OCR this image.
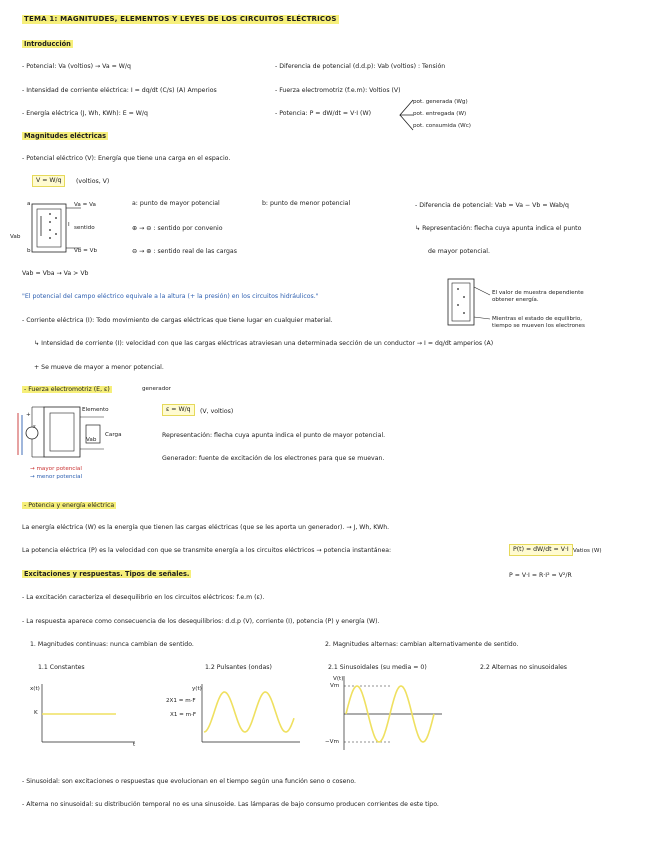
TEMA 1: MAGNITUDES, ELEMENTOS Y LEYES DE LOS CIRCUITOS ELÉCTRICOS
Introducción
- Potencial: Va (voltios) → Va = W/q	- Diferencia de potencial (d.d.p): Vab (voltios) : Tensión
- Intensidad de corriente eléctrica: I = dq/dt (C/s) (A) Amperios	- Fuerza electromotriz (f.e.m): Voltios (V)
- Energía eléctrica (J, Wh, KWh): E = W/q	- Potencia: P = dW/dt = V·I (W)
pot. generada (Wg)
pot. entregada (W)
pot. consumida (Wc)
Magnitudes eléctricas
- Potencial eléctrico (V): Energía que tiene una carga en el espacio.
V = W/q	(voltios, V)
a
b
Vab
I
Va = Va
sentido
Vb = Vb
a: punto de mayor potencial	b: punto de menor potencial
⊕ → ⊖ : sentido por convenio
⊖ → ⊕ : sentido real de las cargas
- Diferencia de potencial: Vab = Va − Vb = Wab/q
↳ Representación: flecha cuya apunta indica el punto
de mayor potencial.
Vab = Vba → Va > Vb
El valor de muestra dependiente
obtener energía.
Mientras el estado de equilibrio,
tiempo se mueven los electrones
"El potencial del campo eléctrico equivale a la altura (+ la presión) en los circuitos hidráulicos."
- Corriente eléctrica (I): Todo movimiento de cargas eléctricas que tiene lugar en cualquier material.
↳ Intensidad de corriente (I): velocidad con que las cargas eléctricas atraviesan una determinada sección de un conductor → I = dq/dt amperios (A)
+ Se mueve de mayor a menor potencial.
- Fuerza electromotriz (E, ε)	generador
ε
+
Vab
Elemento
Carga
→ mayor potencial
→ menor potencial
ε = W/q	(V, voltios)
Representación: flecha cuya apunta indica el punto de mayor potencial.
Generador: fuente de excitación de los electrones para que se muevan.
- Potencia y energía eléctrica
La energía eléctrica (W) es la energía que tienen las cargas eléctricas (que se les aporta un generador). → J, Wh, KWh.
La potencia eléctrica (P) es la velocidad con que se transmite energía a los circuitos eléctricos → potencia instantánea:	P(t) = dW/dt = V·I Vatios (W)
P = V·I = R·I² = V²/R
Excitaciones y respuestas. Tipos de señales.
- La excitación caracteriza el desequilibrio en los circuitos eléctricos: f.e.m (ε).
- La respuesta aparece como consecuencia de los desequilibrios: d.d.p (V), corriente (I), potencia (P) y energía (W).
1. Magnitudes continuas: nunca cambian de sentido.	2. Magnitudes alternas: cambian alternativamente de sentido.
1.1 Constantes	1.2 Pulsantes (ondas)	2.1 Sinusoidales (su media = 0)	2.2 Alternas no sinusoidales
x(t)
K
t
y(t)
2X1 = m·F
X1 = m·F
V(t)
Vm
−Vm
- Sinusoidal: son excitaciones o respuestas que evolucionan en el tiempo según una función seno o coseno.
- Alterna no sinusoidal: su distribución temporal no es una sinusoide. Las lámparas de bajo consumo producen corrientes de este tipo.
